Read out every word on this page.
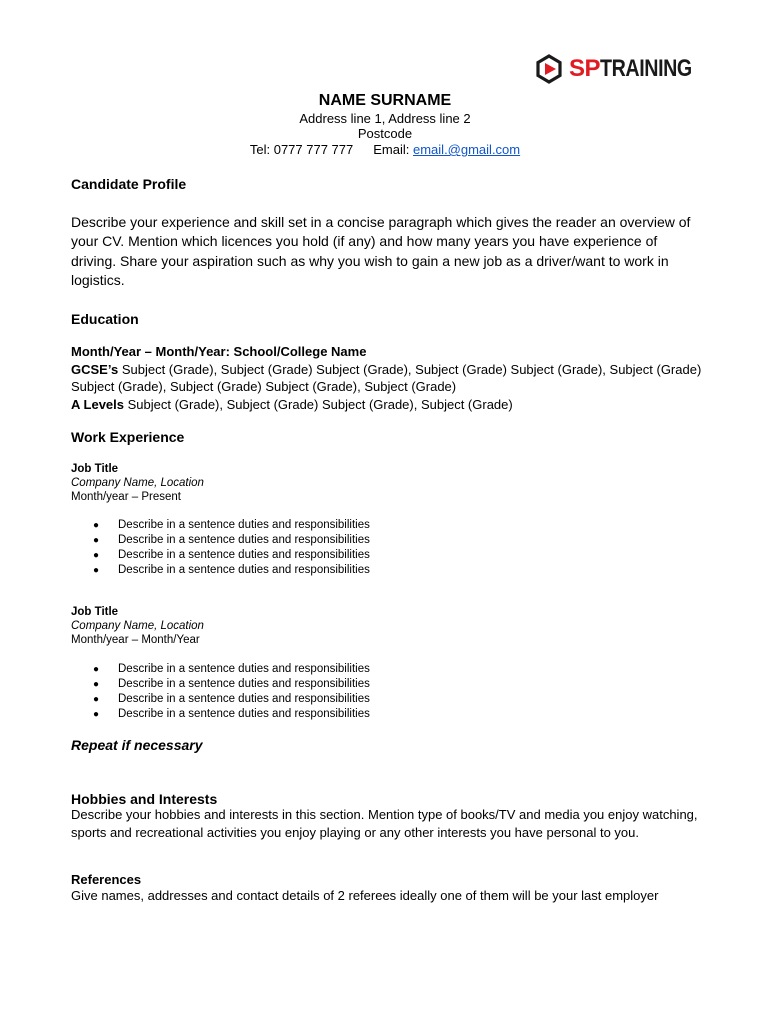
SPTRAINING
NAME SURNAME
Address line 1, Address line 2
Postcode
Tel: 0777 777 777 Email: email.@gmail.com
Candidate Profile
Describe your experience and skill set in a concise paragraph which gives the reader an overview of your CV. Mention which licences you hold (if any) and how many years you have experience of driving. Share your aspiration such as why you wish to gain a new job as a driver/want to work in logistics.
Education
Month/Year – Month/Year: School/College Name
GCSE’s Subject (Grade), Subject (Grade) Subject (Grade), Subject (Grade) Subject (Grade), Subject (Grade) Subject (Grade), Subject (Grade) Subject (Grade), Subject (Grade)
A Levels Subject (Grade), Subject (Grade) Subject (Grade), Subject (Grade)
Work Experience
Job Title
Company Name, Location
Month/year – Present
● Describe in a sentence duties and responsibilities
● Describe in a sentence duties and responsibilities
● Describe in a sentence duties and responsibilities
● Describe in a sentence duties and responsibilities
Job Title
Company Name, Location
Month/year – Month/Year
● Describe in a sentence duties and responsibilities
● Describe in a sentence duties and responsibilities
● Describe in a sentence duties and responsibilities
● Describe in a sentence duties and responsibilities
Repeat if necessary
Hobbies and Interests
Describe your hobbies and interests in this section. Mention type of books/TV and media you enjoy watching, sports and recreational activities you enjoy playing or any other interests you have personal to you.
References
Give names, addresses and contact details of 2 referees ideally one of them will be your last employer
